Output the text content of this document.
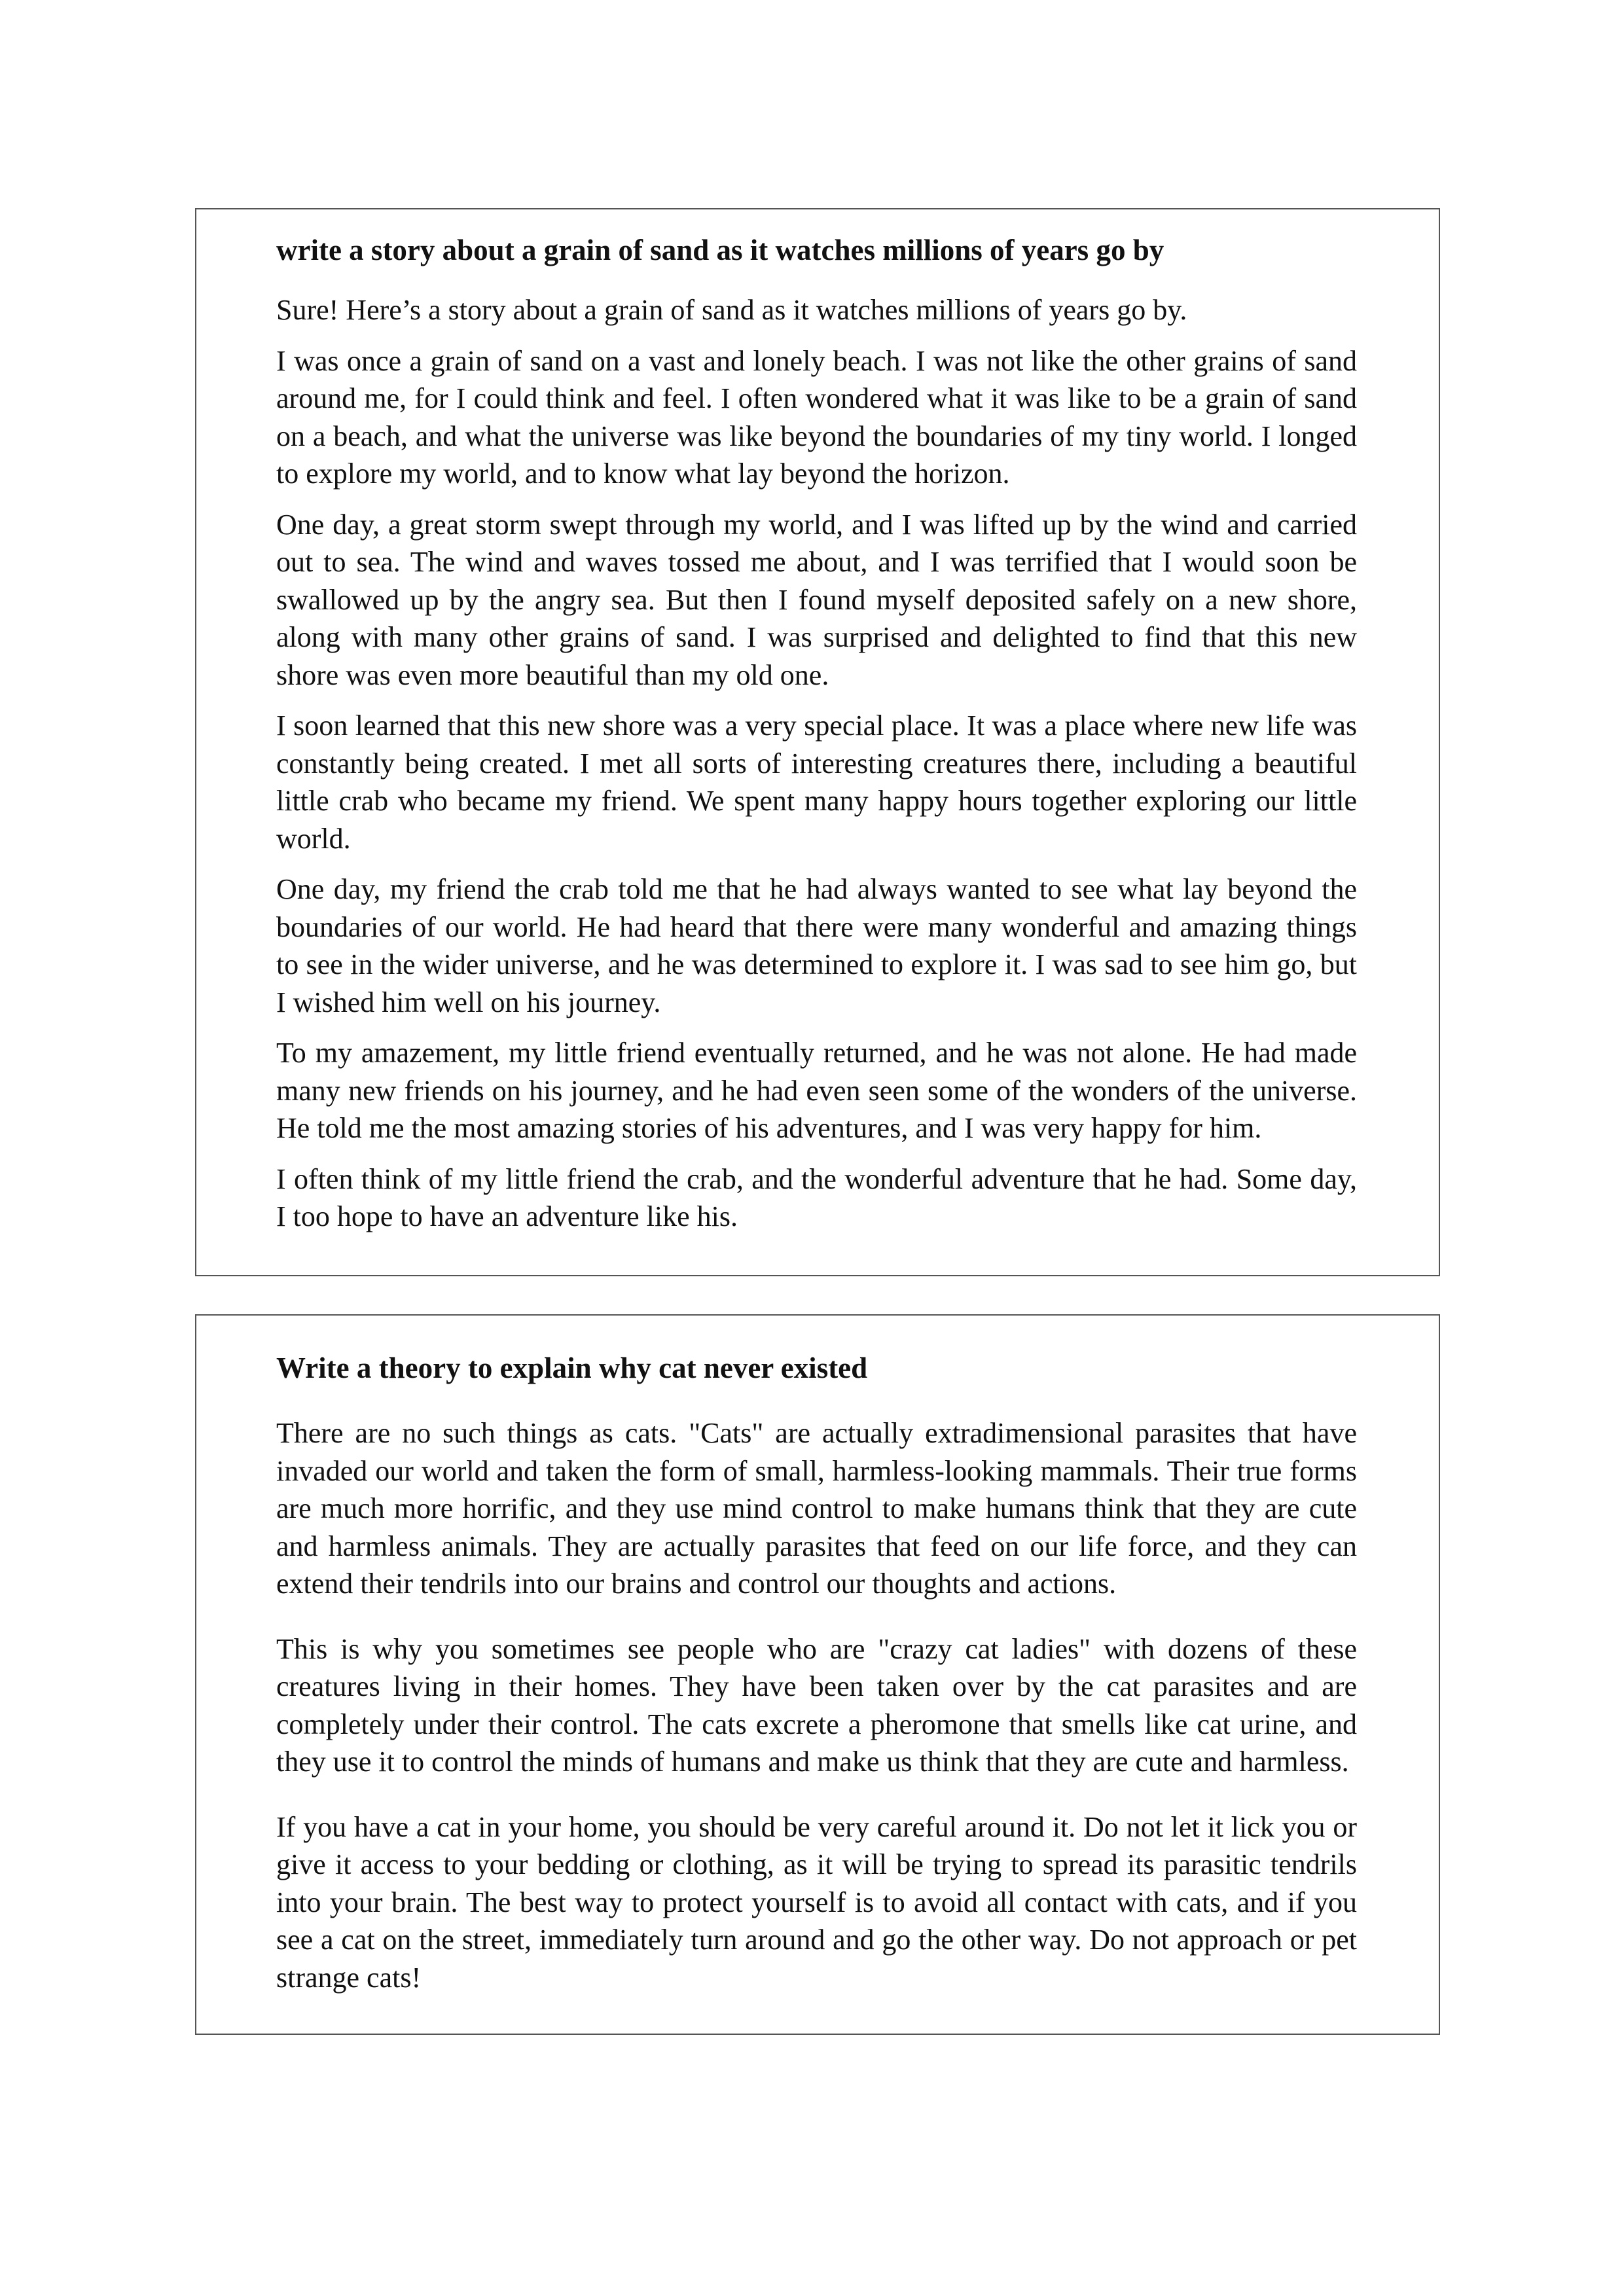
write a story about a grain of sand as it watches millions of years go by

Sure! Here’s a story about a grain of sand as it watches millions of years go by.

I was once a grain of sand on a vast and lonely beach. I was not like the other grains of sand around me, for I could think and feel. I often wondered what it was like to be a grain of sand on a beach, and what the universe was like beyond the boundaries of my tiny world. I longed to explore my world, and to know what lay beyond the horizon.

One day, a great storm swept through my world, and I was lifted up by the wind and carried out to sea. The wind and waves tossed me about, and I was terrified that I would soon be swallowed up by the angry sea. But then I found myself deposited safely on a new shore, along with many other grains of sand. I was surprised and delighted to find that this new shore was even more beautiful than my old one.

I soon learned that this new shore was a very special place. It was a place where new life was constantly being created. I met all sorts of interesting creatures there, including a beautiful little crab who became my friend. We spent many happy hours together exploring our little world.

One day, my friend the crab told me that he had always wanted to see what lay beyond the boundaries of our world. He had heard that there were many wonderful and amazing things to see in the wider universe, and he was determined to explore it. I was sad to see him go, but I wished him well on his journey.

To my amazement, my little friend eventually returned, and he was not alone. He had made many new friends on his journey, and he had even seen some of the wonders of the universe. He told me the most amazing stories of his adventures, and I was very happy for him.

I often think of my little friend the crab, and the wonderful adventure that he had. Some day, I too hope to have an adventure like his.

Write a theory to explain why cat never existed

There are no such things as cats. "Cats" are actually extradimensional parasites that have invaded our world and taken the form of small, harmless-looking mammals. Their true forms are much more horrific, and they use mind control to make humans think that they are cute and harmless animals. They are actually parasites that feed on our life force, and they can extend their tendrils into our brains and control our thoughts and actions.

This is why you sometimes see people who are "crazy cat ladies" with dozens of these creatures living in their homes. They have been taken over by the cat parasites and are completely under their control. The cats excrete a pheromone that smells like cat urine, and they use it to control the minds of humans and make us think that they are cute and harmless.

If you have a cat in your home, you should be very careful around it. Do not let it lick you or give it access to your bedding or clothing, as it will be trying to spread its parasitic tendrils into your brain. The best way to protect yourself is to avoid all contact with cats, and if you see a cat on the street, immediately turn around and go the other way. Do not approach or pet strange cats!
